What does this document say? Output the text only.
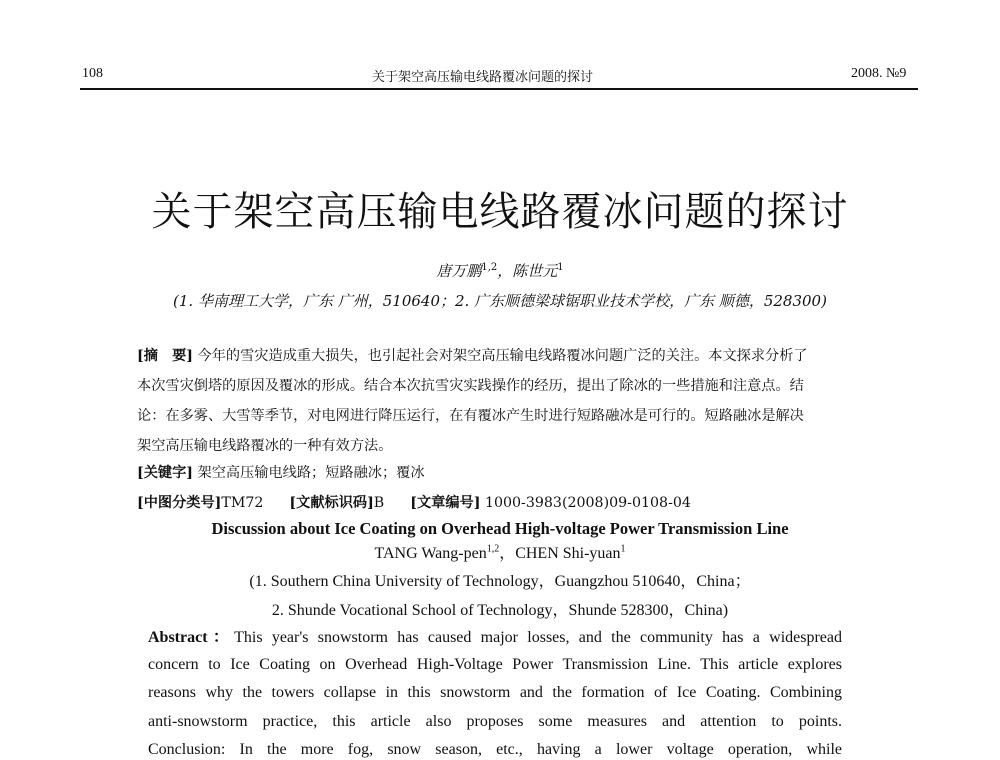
108	关于架空高压输电线路覆冰问题的探讨	2008. №9
关于架空高压输电线路覆冰问题的探讨
唐万鹏$^{1,2}$，陈世元$^1$
(1. 华南理工大学，广东 广州，510640；2. 广东顺德梁球锯职业技术学校，广东 顺德，528300)
[摘　要] 今年的雪灾造成重大损失，也引起社会对架空高压输电线路覆冰问题广泛的关注。本文探求分析了
本次雪灾倒塔的原因及覆冰的形成。结合本次抗雪灾实践操作的经历，提出了除冰的一些措施和注意点。结
论：在多雾、大雪等季节，对电网进行降压运行，在有覆冰产生时进行短路融冰是可行的。短路融冰是解决
架空高压输电线路覆冰的一种有效方法。
[关键字] 架空高压输电线路；短路融冰；覆冰
[中图分类号]TM72 [文献标识码]B [文章编号] 1000-3983(2008)09-0108-04
Discussion about Ice Coating on Overhead High-voltage Power Transmission Line
TANG Wang-pen$^{1,2}$，CHEN Shi-yuan$^1$
(1. Southern China University of Technology，Guangzhou 510640，China；
2. Shunde Vocational School of Technology，Shunde 528300，China)
Abstract：This year's snowstorm has caused major losses, and the community has a widespread
concern to Ice Coating on Overhead High-Voltage Power Transmission Line. This article explores
reasons why the towers collapse in this snowstorm and the formation of Ice Coating. Combining
anti-snowstorm practice, this article also proposes some measures and attention to points.
Conclusion: In the more fog, snow season, etc., having a lower voltage operation, while
